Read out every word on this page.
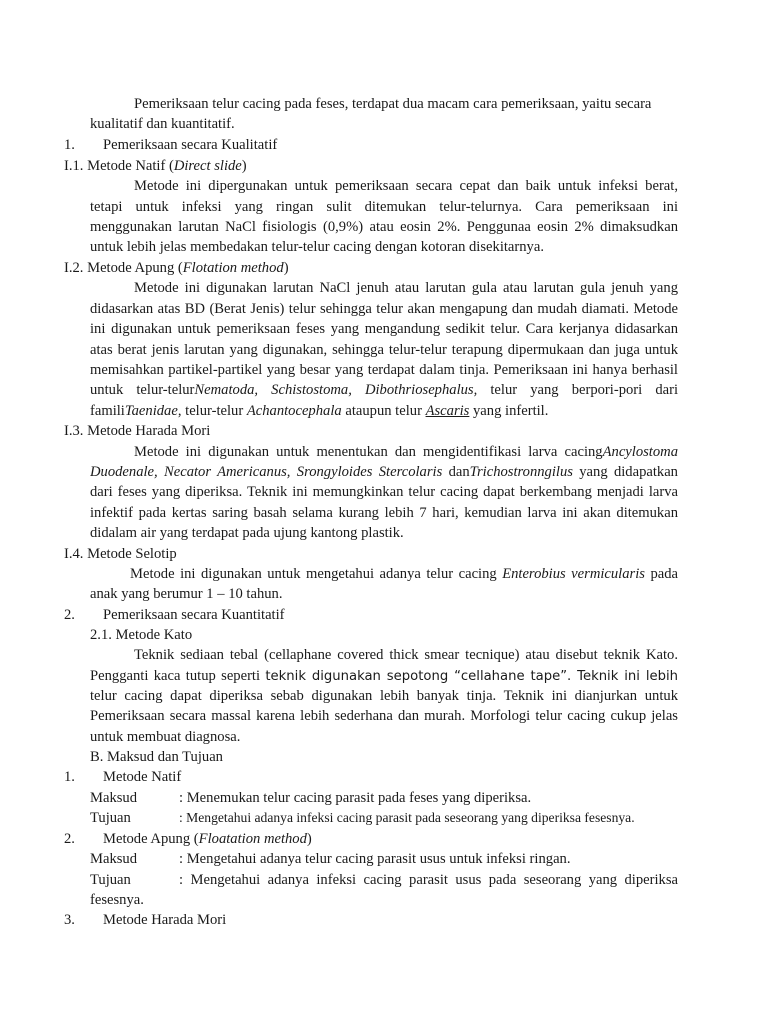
Pemeriksaan telur cacing pada feses, terdapat dua macam cara pemeriksaan, yaitu secara
kualitatif dan kuantitatif.
1. Pemeriksaan secara Kualitatif
I.1. Metode Natif (Direct slide)
Metode ini dipergunakan untuk pemeriksaan secara cepat dan baik untuk infeksi berat,
tetapi untuk infeksi yang ringan sulit ditemukan telur-telurnya. Cara pemeriksaan ini
menggunakan larutan NaCl fisiologis (0,9%) atau eosin 2%. Penggunaa eosin 2% dimaksudkan
untuk lebih jelas membedakan telur-telur cacing dengan kotoran disekitarnya.
I.2. Metode Apung (Flotation method)
Metode ini digunakan larutan NaCl jenuh atau larutan gula atau larutan gula jenuh yang
didasarkan atas BD (Berat Jenis) telur sehingga telur akan mengapung dan mudah diamati. Metode
ini digunakan untuk pemeriksaan feses yang mengandung sedikit telur. Cara kerjanya didasarkan
atas berat jenis larutan yang digunakan, sehingga telur-telur terapung dipermukaan dan juga untuk
memisahkan partikel-partikel yang besar yang terdapat dalam tinja. Pemeriksaan ini hanya berhasil
untuk telur-telurNematoda, Schistostoma, Dibothriosephalus, telur yang berpori-pori dari
familiTaenidae, telur-telur Achantocephala ataupun telur Ascaris yang infertil.
I.3. Metode Harada Mori
Metode ini digunakan untuk menentukan dan mengidentifikasi larva cacingAncylostoma
Duodenale, Necator Americanus, Srongyloides Stercolaris danTrichostronngilus yang didapatkan
dari feses yang diperiksa. Teknik ini memungkinkan telur cacing dapat berkembang menjadi larva
infektif pada kertas saring basah selama kurang lebih 7 hari, kemudian larva ini akan ditemukan
didalam air yang terdapat pada ujung kantong plastik.
I.4. Metode Selotip
Metode ini digunakan untuk mengetahui adanya telur cacing Enterobius vermicularis pada
anak yang berumur 1 – 10 tahun.
2. Pemeriksaan secara Kuantitatif
2.1. Metode Kato
Teknik sediaan tebal (cellaphane covered thick smear tecnique) atau disebut teknik Kato.
Pengganti kaca tutup seperti teknik digunakan sepotong “cellahane tape”. Teknik ini lebih
telur cacing dapat diperiksa sebab digunakan lebih banyak tinja. Teknik ini dianjurkan untuk
Pemeriksaan secara massal karena lebih sederhana dan murah. Morfologi telur cacing cukup jelas
untuk membuat diagnosa.
B. Maksud dan Tujuan
1. Metode Natif
Maksud	: Menemukan telur cacing parasit pada feses yang diperiksa.
Tujuan	: Mengetahui adanya infeksi cacing parasit pada seseorang yang diperiksa fesesnya.
2. Metode Apung (Floatation method)
Maksud	: Mengetahui adanya telur cacing parasit usus untuk infeksi ringan.
Tujuan	: Mengetahui adanya infeksi cacing parasit usus pada seseorang yang diperiksa
fesesnya.
3. Metode Harada Mori
